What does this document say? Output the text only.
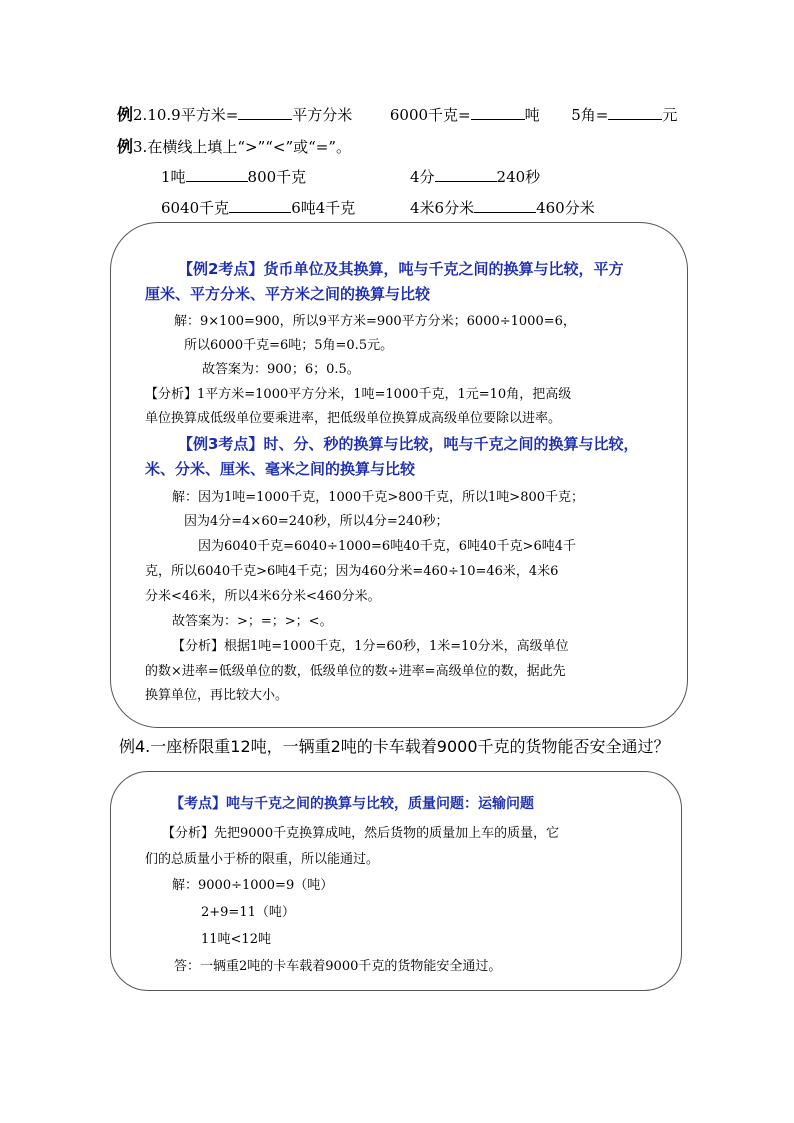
例2.10.9平方米=	平方分米	6000千克=	吨 5角=	元
例3.在横线上填上“>”“<”或“=”。
1吨	800千克	4分	240秒
6040千克	6吨4千克	4米6分米	460分米
【例2考点】货币单位及其换算，吨与千克之间的换算与比较，平方
厘米、平方分米、平方米之间的换算与比较
解：9×100=900，所以9平方米=900平方分米；6000÷1000=6，
所以6000千克=6吨；5角=0.5元。
故答案为：900；6；0.5。
【分析】1平方米=1000平方分米，1吨=1000千克，1元=10角，把高级
单位换算成低级单位要乘进率，把低级单位换算成高级单位要除以进率。
【例3考点】时、分、秒的换算与比较，吨与千克之间的换算与比较，
米、分米、厘米、毫米之间的换算与比较
解：因为1吨=1000千克，1000千克>800千克，所以1吨>800千克；
因为4分=4×60=240秒，所以4分=240秒；
因为6040千克=6040÷1000=6吨40千克，6吨40千克>6吨4千
克，所以6040千克>6吨4千克；因为460分米=460÷10=46米，4米6
分米<46米，所以4米6分米<460分米。
故答案为：>；=；>；<。
【分析】根据1吨=1000千克，1分=60秒，1米=10分米，高级单位
的数×进率=低级单位的数，低级单位的数÷进率=高级单位的数，据此先
换算单位，再比较大小。
例4.一座桥限重12吨，一辆重2吨的卡车载着9000千克的货物能否安全通过？
【考点】吨与千克之间的换算与比较，质量问题：运输问题
【分析】先把9000千克换算成吨，然后货物的质量加上车的质量，它
们的总质量小于桥的限重，所以能通过。
解：9000÷1000=9（吨）
2+9=11（吨）
11吨<12吨
答：一辆重2吨的卡车载着9000千克的货物能安全通过。
